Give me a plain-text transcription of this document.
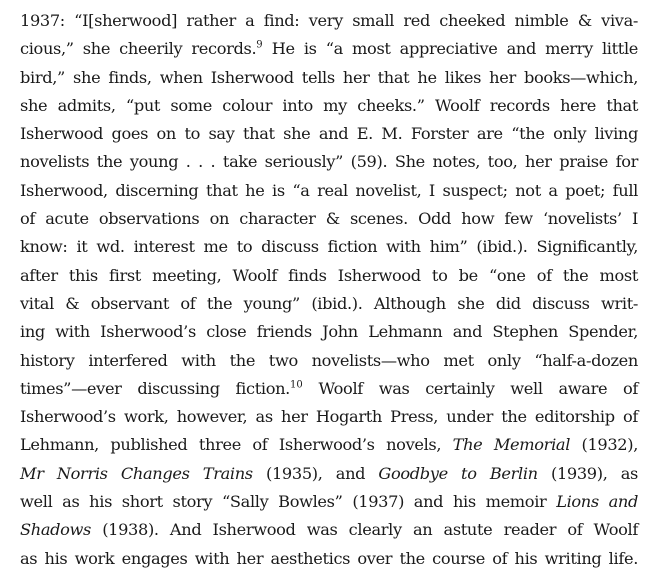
1937: “I[sherwood] rather a find: very small red cheeked nimble & viva-
cious,” she cheerily records.$^9$ He is “a most appreciative and merry little
bird,” she finds, when Isherwood tells her that he likes her books—which,
she admits, “put some colour into my cheeks.” Woolf records here that
Isherwood goes on to say that she and E. M. Forster are “the only living
novelists the young . . . take seriously” (59). She notes, too, her praise for
Isherwood, discerning that he is “a real novelist, I suspect; not a poet; full
of acute observations on character & scenes. Odd how few ‘novelists’ I
know: it wd. interest me to discuss fiction with him” (ibid.). Significantly,
after this first meeting, Woolf finds Isherwood to be “one of the most
vital & observant of the young” (ibid.). Although she did discuss writ-
ing with Isherwood’s close friends John Lehmann and Stephen Spender,
history interfered with the two novelists—who met only “half-a-dozen
times”—ever discussing fiction.$^{10}$ Woolf was certainly well aware of
Isherwood’s work, however, as her Hogarth Press, under the editorship of
Lehmann, published three of Isherwood’s novels, The Memorial (1932),
Mr Norris Changes Trains (1935), and Goodbye to Berlin (1939), as
well as his short story “Sally Bowles” (1937) and his memoir Lions and
Shadows (1938). And Isherwood was clearly an astute reader of Woolf
as his work engages with her aesthetics over the course of his writing life.
